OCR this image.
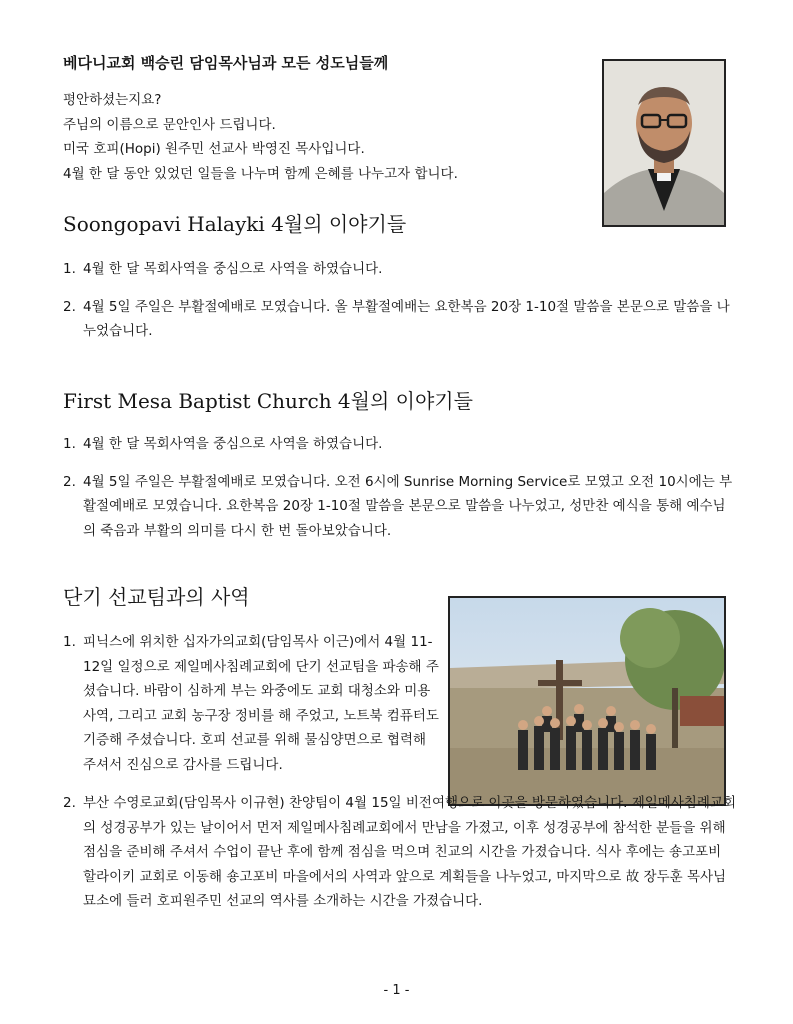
베다니교회 백승린 담임목사님과 모든 성도님들께
평안하셨는지요?
주님의 이름으로 문안인사 드립니다.
미국 호피(Hopi) 원주민 선교사 박영진 목사입니다.
4월 한 달 동안 있었던 일들을 나누며 함께 은혜를 나누고자 합니다.
Soongopavi Halayki 4월의 이야기들
1. 4월 한 달 목회사역을 중심으로 사역을 하였습니다.
2. 4월 5일 주일은 부활절예배로 모였습니다. 올 부활절예배는 요한복음 20장 1-10절 말씀을 본문으로 말씀을 나누었습니다.
First Mesa Baptist Church 4월의 이야기들
1. 4월 한 달 목회사역을 중심으로 사역을 하였습니다.
2. 4월 5일 주일은 부활절예배로 모였습니다. 오전 6시에 Sunrise Morning Service로 모였고 오전 10시에는 부활절예배로 모였습니다. 요한복음 20장 1-10절 말씀을 본문으로 말씀을 나누었고, 성만찬 예식을 통해 예수님의 죽음과 부활의 의미를 다시 한 번 돌아보았습니다.
단기 선교팀과의 사역
1. 피닉스에 위치한 십자가의교회(담임목사 이근)에서 4월 11-12일 일정으로 제일메사침례교회에 단기 선교팀을 파송해 주셨습니다. 바람이 심하게 부는 와중에도 교회 대청소와 미용 사역, 그리고 교회 농구장 정비를 해 주었고, 노트북 컴퓨터도 기증해 주셨습니다. 호피 선교를 위해 물심양면으로 협력해 주셔서 진심으로 감사를 드립니다.
2. 부산 수영로교회(담임목사 이규현) 찬양팀이 4월 15일 비전여행으로 이곳을 방문하였습니다. 제일메사침례교회의 성경공부가 있는 날이어서 먼저 제일메사침례교회에서 만남을 가졌고, 이후 성경공부에 참석한 분들을 위해 점심을 준비해 주셔서 수업이 끝난 후에 함께 점심을 먹으며 친교의 시간을 가졌습니다. 식사 후에는 숑고포비 할라이키 교회로 이동해 숑고포비 마을에서의 사역과 앞으로 계획들을 나누었고, 마지막으로 故 장두훈 목사님 묘소에 들러 호피원주민 선교의 역사를 소개하는 시간을 가졌습니다.
- 1 -
